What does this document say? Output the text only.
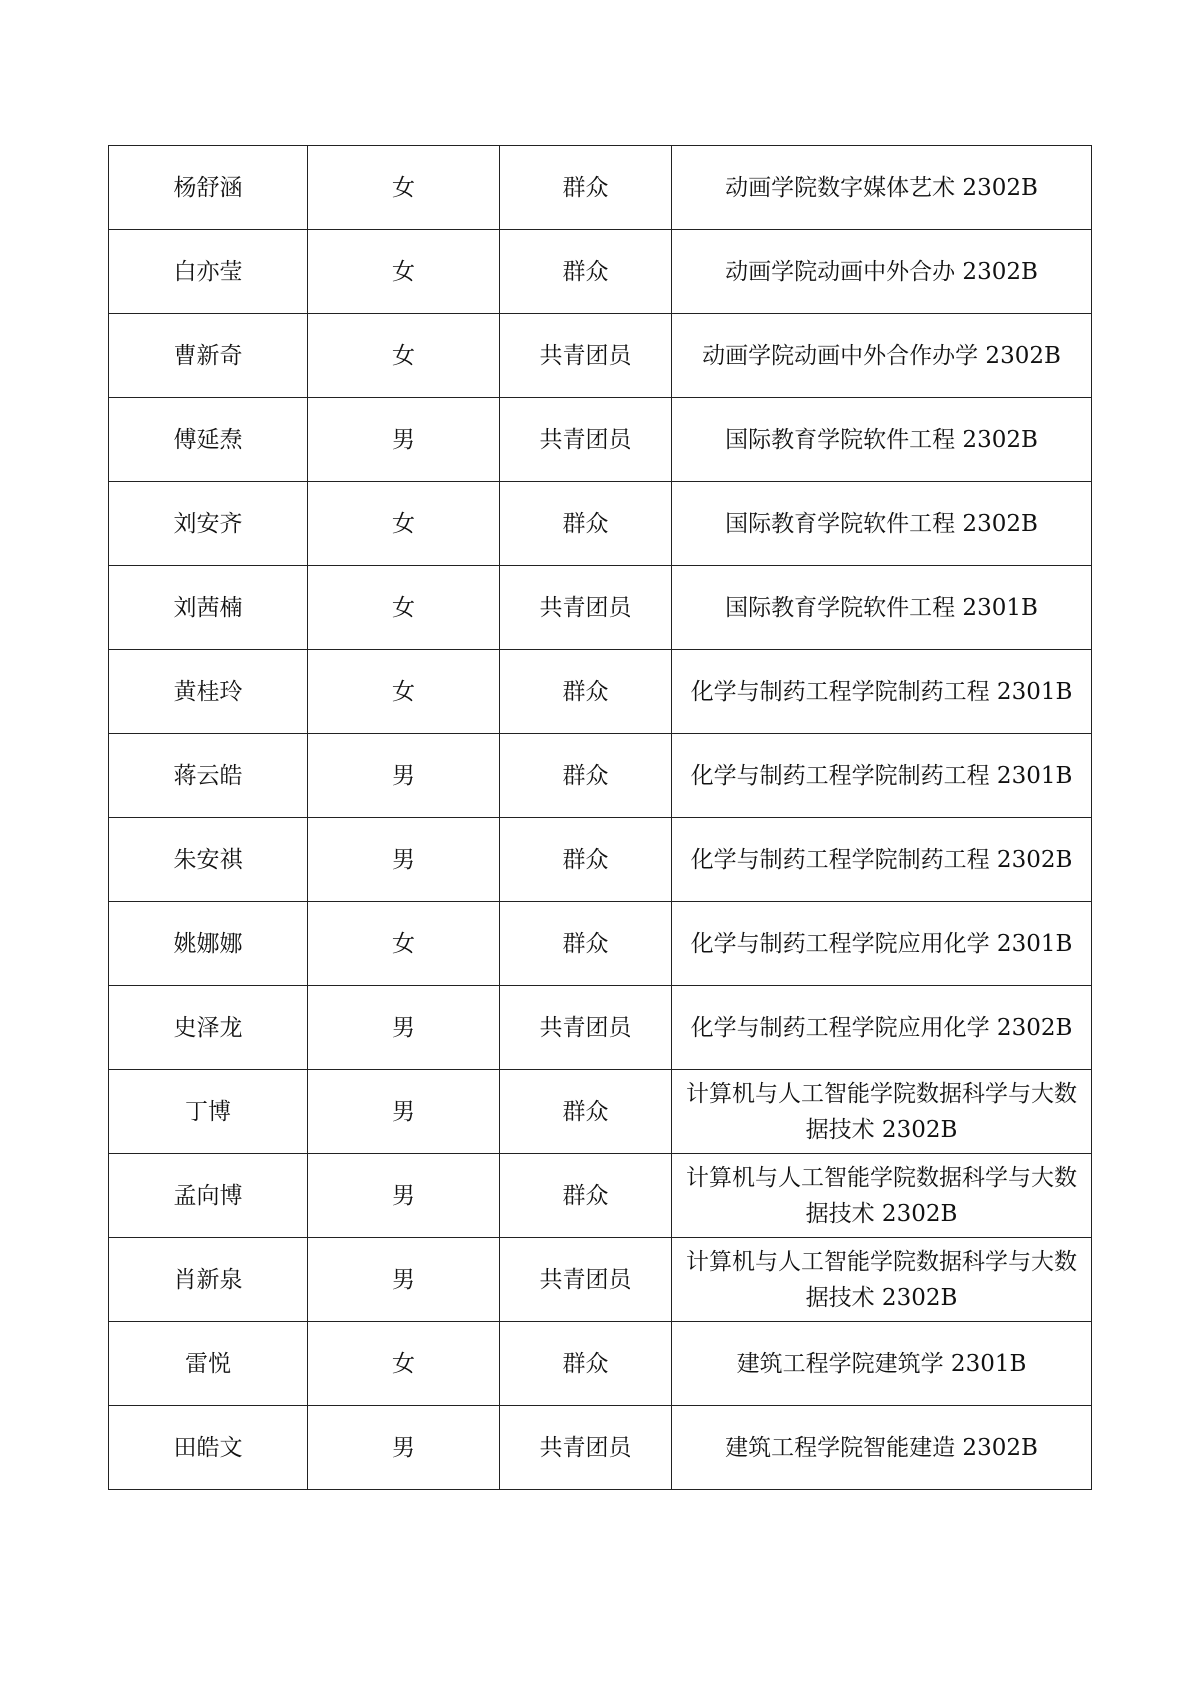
杨舒涵	女	群众	动画学院数字媒体艺术 2302B
白亦莹	女	群众	动画学院动画中外合办 2302B
曹新奇	女	共青团员	动画学院动画中外合作办学 2302B
傅延焘	男	共青团员	国际教育学院软件工程 2302B
刘安齐	女	群众	国际教育学院软件工程 2302B
刘茜楠	女	共青团员	国际教育学院软件工程 2301B
黄桂玲	女	群众	化学与制药工程学院制药工程 2301B
蒋云皓	男	群众	化学与制药工程学院制药工程 2301B
朱安祺	男	群众	化学与制药工程学院制药工程 2302B
姚娜娜	女	群众	化学与制药工程学院应用化学 2301B
史泽龙	男	共青团员	化学与制药工程学院应用化学 2302B
丁博	男	群众	计算机与人工智能学院数据科学与大数据技术 2302B
孟向博	男	群众	计算机与人工智能学院数据科学与大数据技术 2302B
肖新泉	男	共青团员	计算机与人工智能学院数据科学与大数据技术 2302B
雷悦	女	群众	建筑工程学院建筑学 2301B
田皓文	男	共青团员	建筑工程学院智能建造 2302B
